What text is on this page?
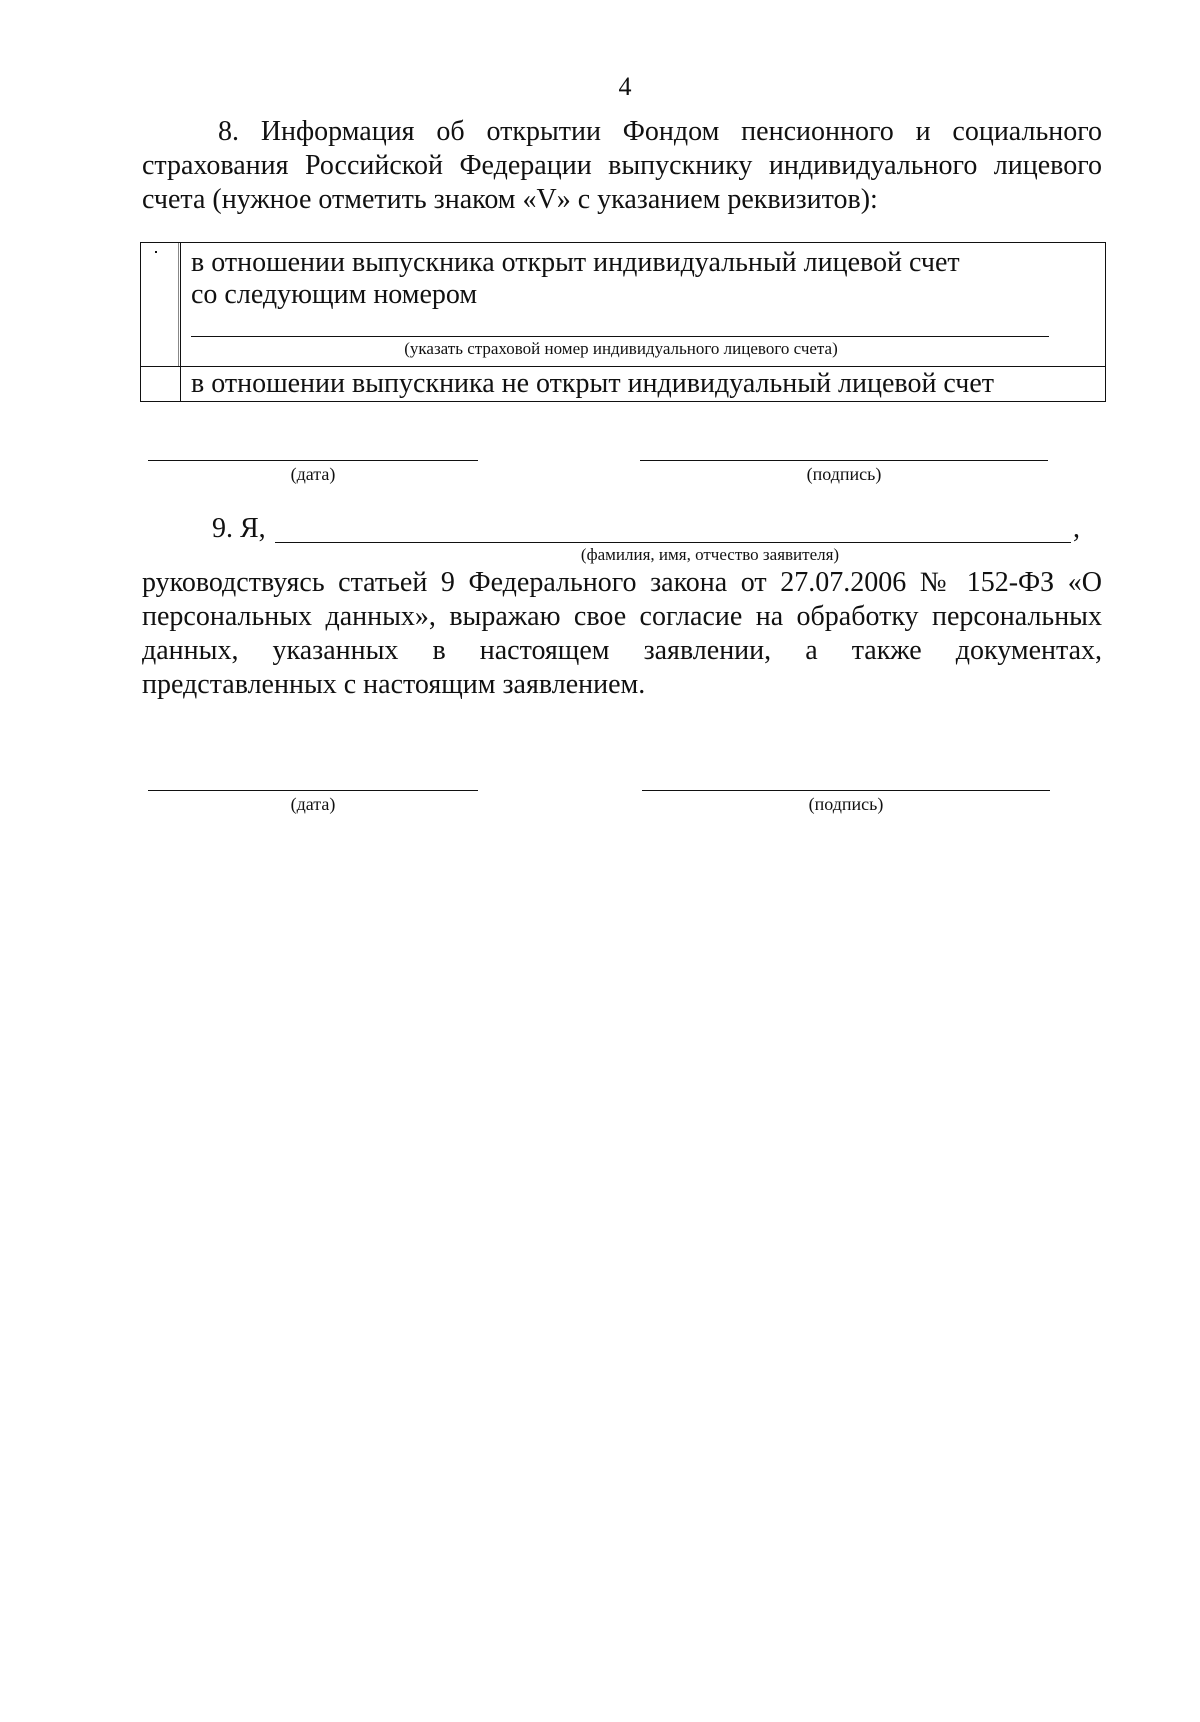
4
8. Информация об открытии Фондом пенсионного и социального страхования Российской Федерации выпускнику индивидуального лицевого счета (нужное отметить знаком «V» с указанием реквизитов):
в отношении выпускника открыт индивидуальный лицевой счет
со следующим номером
(указать страховой номер индивидуального лицевого счета)
в отношении выпускника не открыт индивидуальный лицевой счет
(дата)	(подпись)
9. Я,	,
(фамилия, имя, отчество заявителя)
руководствуясь статьей 9 Федерального закона от 27.07.2006 № 152-ФЗ «О персональных данных», выражаю свое согласие на обработку персональных данных, указанных в настоящем заявлении, а также документах, представленных с настоящим заявлением.
(дата)	(подпись)
